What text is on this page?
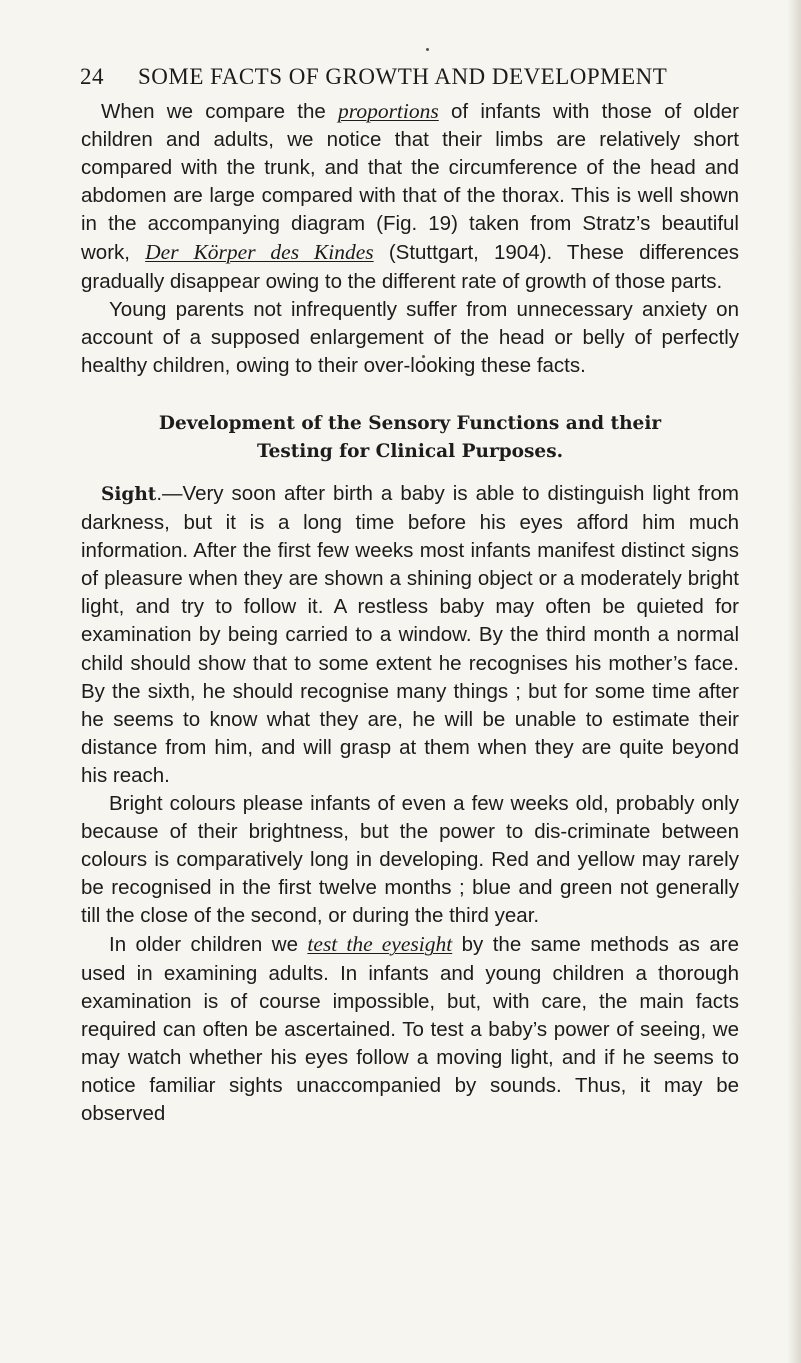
24 SOME FACTS OF GROWTH AND DEVELOPMENT

When we compare the proportions of infants with those of older children and adults, we notice that their limbs are relatively short compared with the trunk, and that the circumference of the head and abdomen are large compared with that of the thorax. This is well shown in the accompanying diagram (Fig. 19) taken from Stratz’s beautiful work, Der Körper des Kindes (Stuttgart, 1904). These differences gradually disappear owing to the different rate of growth of those parts.

Young parents not infrequently suffer from unnecessary anxiety on account of a supposed enlargement of the head or belly of perfectly healthy children, owing to their over-looking these facts.

Development of the Sensory Functions and their
Testing for Clinical Purposes.

Sight.—Very soon after birth a baby is able to distinguish light from darkness, but it is a long time before his eyes afford him much information. After the first few weeks most infants manifest distinct signs of pleasure when they are shown a shining object or a moderately bright light, and try to follow it. A restless baby may often be quieted for examination by being carried to a window. By the third month a normal child should show that to some extent he recognises his mother’s face. By the sixth, he should recognise many things ; but for some time after he seems to know what they are, he will be unable to estimate their distance from him, and will grasp at them when they are quite beyond his reach.

Bright colours please infants of even a few weeks old, probably only because of their brightness, but the power to dis-criminate between colours is comparatively long in developing. Red and yellow may rarely be recognised in the first twelve months ; blue and green not generally till the close of the second, or during the third year.

In older children we test the eyesight by the same methods as are used in examining adults. In infants and young children a thorough examination is of course impossible, but, with care, the main facts required can often be ascertained. To test a baby’s power of seeing, we may watch whether his eyes follow a moving light, and if he seems to notice familiar sights unaccompanied by sounds. Thus, it may be observed
